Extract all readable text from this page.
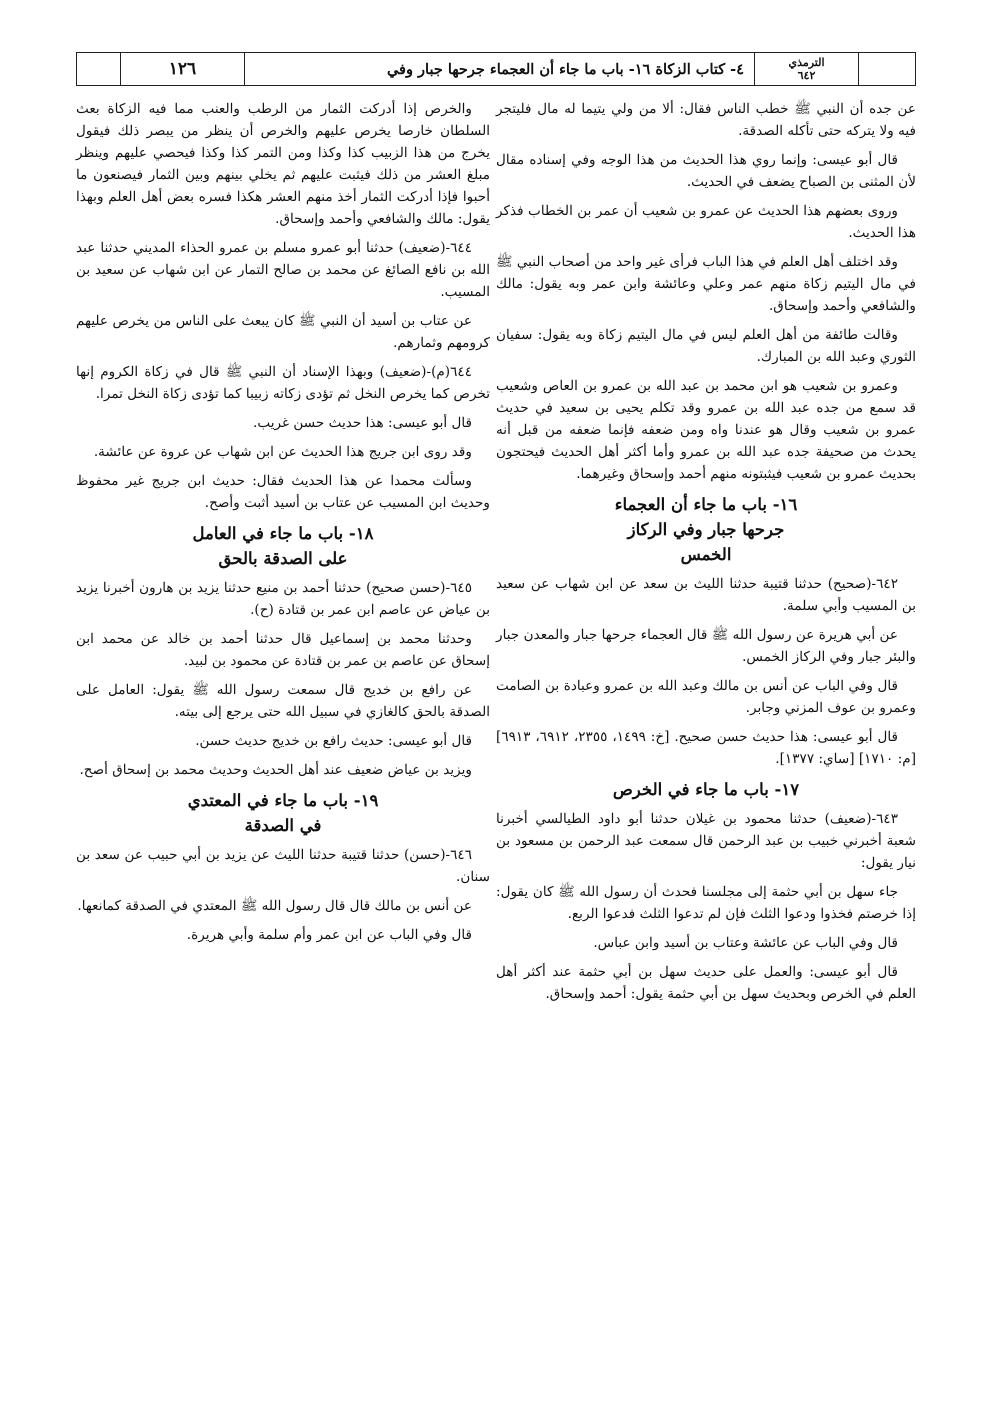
١٢٦	٤- كتاب الزكاة ١٦- باب ما جاء أن العجماء جرحها جبار وفي	الترمذي
٦٤٢

عن جده أن النبي ﷺ خطب الناس فقال: ألا من ولي يتيما له مال فليتجر فيه ولا يتركه حتى تأكله الصدقة.

قال أبو عيسى: وإنما روي هذا الحديث من هذا الوجه وفي إسناده مقال لأن المثنى بن الصباح يضعف في الحديث.

وروى بعضهم هذا الحديث عن عمرو بن شعيب أن عمر بن الخطاب فذكر هذا الحديث.

وقد اختلف أهل العلم في هذا الباب فرأى غير واحد من أصحاب النبي ﷺ في مال اليتيم زكاة منهم عمر وعلي وعائشة وابن عمر وبه يقول: مالك والشافعي وأحمد وإسحاق.

وقالت طائفة من أهل العلم ليس في مال اليتيم زكاة وبه يقول: سفيان الثوري وعبد الله بن المبارك.

وعمرو بن شعيب هو ابن محمد بن عبد الله بن عمرو بن العاص وشعيب قد سمع من جده عبد الله بن عمرو وقد تكلم يحيى بن سعيد في حديث عمرو بن شعيب وقال هو عندنا واه ومن ضعفه فإنما ضعفه من قبل أنه يحدث من صحيفة جده عبد الله بن عمرو وأما أكثر أهل الحديث فيحتجون بحديث عمرو بن شعيب فيثبتونه منهم أحمد وإسحاق وغيرهما.

١٦- باب ما جاء أن العجماء
جرحها جبار وفي الركاز
الخمس

٦٤٢-(صحيح) حدثنا قتيبة حدثنا الليث بن سعد عن ابن شهاب عن سعيد بن المسيب وأبي سلمة.

عن أبي هريرة عن رسول الله ﷺ قال العجماء جرحها جبار والمعدن جبار والبئر جبار وفي الركاز الخمس.

قال وفي الباب عن أنس بن مالك وعبد الله بن عمرو وعبادة بن الصامت وعمرو بن عوف المزني وجابر.

قال أبو عيسى: هذا حديث حسن صحيح. [خ: ١٤٩٩، ٢٣٥٥، ٦٩١٢، ٦٩١٣] [م: ١٧١٠] [ساي: ١٣٧٧].

١٧- باب ما جاء في الخرص

٦٤٣-(ضعيف) حدثنا محمود بن غيلان حدثنا أبو داود الطيالسي أخبرنا شعبة أخبرني خبيب بن عبد الرحمن قال سمعت عبد الرحمن بن مسعود بن نيار يقول:

جاء سهل بن أبي حثمة إلى مجلسنا فحدث أن رسول الله ﷺ كان يقول: إذا خرصتم فخذوا ودعوا الثلث فإن لم تدعوا الثلث فدعوا الربع.

قال وفي الباب عن عائشة وعتاب بن أسيد وابن عباس.

قال أبو عيسى: والعمل على حديث سهل بن أبي حثمة عند أكثر أهل العلم في الخرص وبحديث سهل بن أبي حثمة يقول: أحمد وإسحاق.

والخرص إذا أدركت الثمار من الرطب والعنب مما فيه الزكاة بعث السلطان خارصا يخرص عليهم والخرص أن ينظر من يبصر ذلك فيقول يخرج من هذا الزبيب كذا وكذا ومن التمر كذا وكذا فيحصي عليهم وينظر مبلغ العشر من ذلك فيثبت عليهم ثم يخلي بينهم وبين الثمار فيصنعون ما أحبوا فإذا أدركت الثمار أخذ منهم العشر هكذا فسره بعض أهل العلم وبهذا يقول: مالك والشافعي وأحمد وإسحاق.

٦٤٤-(ضعيف) حدثنا أبو عمرو مسلم بن عمرو الحذاء المديني حدثنا عبد الله بن نافع الصائغ عن محمد بن صالح التمار عن ابن شهاب عن سعيد بن المسيب.

عن عتاب بن أسيد أن النبي ﷺ كان يبعث على الناس من يخرص عليهم كرومهم وثمارهم.

٦٤٤(م)-(ضعيف) وبهذا الإسناد أن النبي ﷺ قال في زكاة الكروم إنها تخرص كما يخرص النخل ثم تؤدى زكاته زبيبا كما تؤدى زكاة النخل تمرا.

قال أبو عيسى: هذا حديث حسن غريب.

وقد روى ابن جريج هذا الحديث عن ابن شهاب عن عروة عن عائشة.

وسألت محمدا عن هذا الحديث فقال: حديث ابن جريج غير محفوظ وحديث ابن المسيب عن عتاب بن أسيد أثبت وأصح.

١٨- باب ما جاء في العامل
على الصدقة بالحق

٦٤٥-(حسن صحيح) حدثنا أحمد بن منيع حدثنا يزيد بن هارون أخبرنا يزيد بن عياض عن عاصم ابن عمر بن قتادة (ح).

وحدثنا محمد بن إسماعيل قال حدثنا أحمد بن خالد عن محمد ابن إسحاق عن عاصم بن عمر بن قتادة عن محمود بن لبيد.

عن رافع بن خديج قال سمعت رسول الله ﷺ يقول: العامل على الصدقة بالحق كالغازي في سبيل الله حتى يرجع إلى بيته.

قال أبو عيسى: حديث رافع بن خديج حديث حسن.

ويزيد بن عياض ضعيف عند أهل الحديث وحديث محمد بن إسحاق أصح.

١٩- باب ما جاء في المعتدي
في الصدقة

٦٤٦-(حسن) حدثنا قتيبة حدثنا الليث عن يزيد بن أبي حبيب عن سعد بن سنان.

عن أنس بن مالك قال قال رسول الله ﷺ المعتدي في الصدقة كمانعها.

قال وفي الباب عن ابن عمر وأم سلمة وأبي هريرة.
